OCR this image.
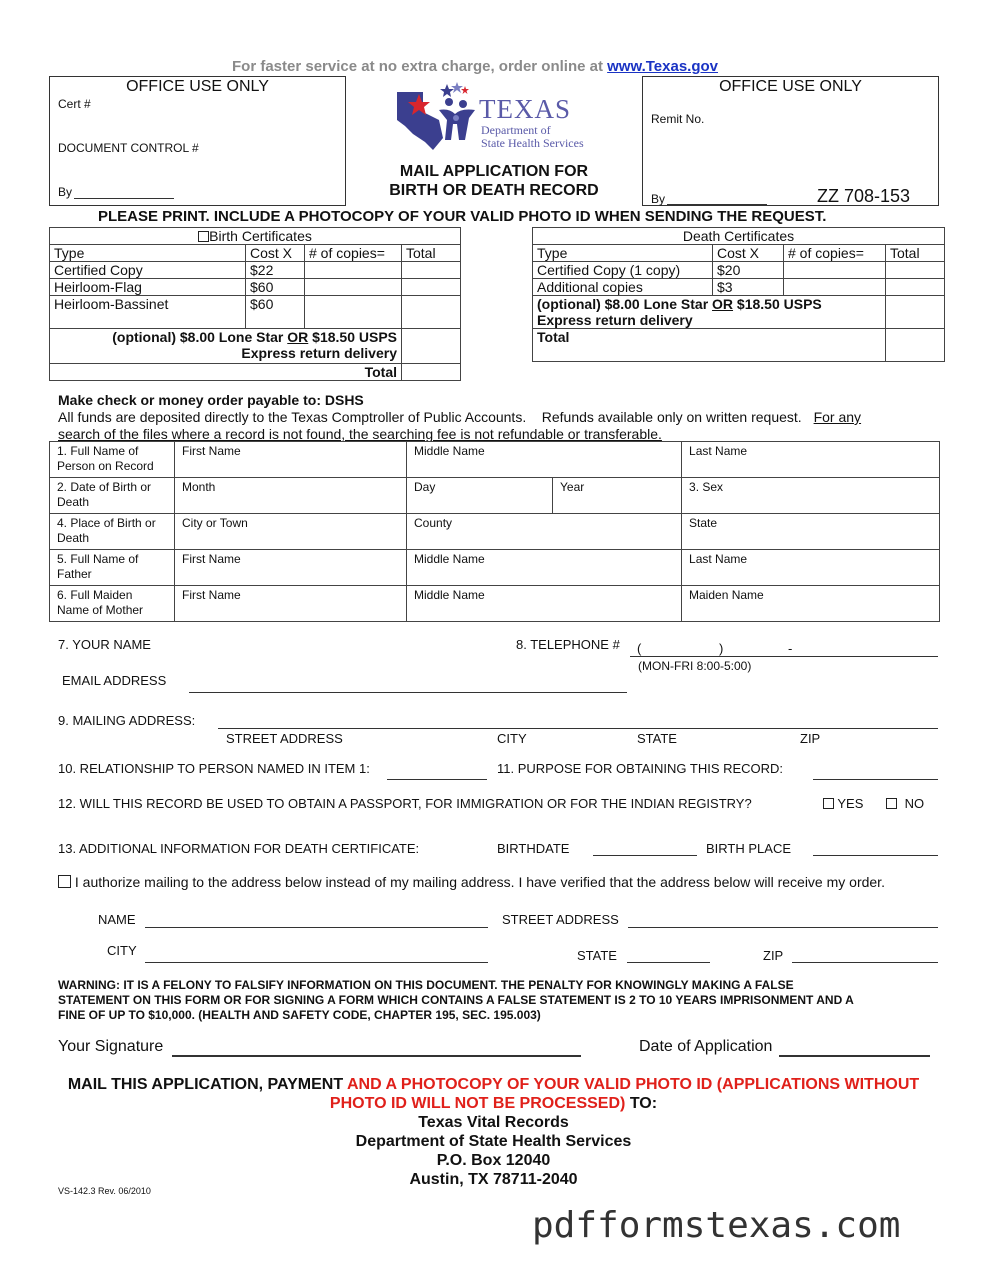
For faster service at no extra charge, order online at www.Texas.gov
OFFICE USE ONLY
Cert #
DOCUMENT CONTROL #
By
TEXAS
Department of
State Health Services
MAIL APPLICATION FOR
BIRTH OR DEATH RECORD
OFFICE USE ONLY
Remit No.
By	ZZ 708-153
PLEASE PRINT. INCLUDE A PHOTOCOPY OF YOUR VALID PHOTO ID WHEN SENDING THE REQUEST.
Birth Certificates			
Type	Cost X	# of copies=	Total
Certified Copy	$22		
Heirloom-Flag	$60		
Heirloom-Bassinet	$60		

(optional) $8.00 Lone Star OR $18.50 USPS
Express return delivery			

Total			
Death Certificates			
Type	Cost X	# of copies=	Total
Certified Copy (1 copy)	$20		
Additional copies	$3		

(optional) $8.00 Lone Star OR $18.50 USPS
Express return delivery			

Total			
Make check or money order payable to: DSHS
All funds are deposited directly to the Texas Comptroller of Public Accounts.    Refunds available only on written request. For any
search of the files where a record is not found, the searching fee is not refundable or transferable.
1. Full Name of Person on Record	First Name	Middle Name		Last Name
2. Date of Birth or Death	Month	Day	Year	3. Sex
4. Place of Birth or Death	City or Town	County		State
5. Full Name of Father	First Name	Middle Name		Last Name
6. Full Maiden Name of Mother	First Name	Middle Name		Maiden Name
7. YOUR NAME	8. TELEPHONE # (	)	-
(MON-FRI 8:00-5:00)
EMAIL ADDRESS
9. MAILING ADDRESS:
STREET ADDRESS	CITY	STATE	ZIP
10. RELATIONSHIP TO PERSON NAMED IN ITEM 1:	11. PURPOSE FOR OBTAINING THIS RECORD:
12. WILL THIS RECORD BE USED TO OBTAIN A PASSPORT, FOR IMMIGRATION OR FOR THE INDIAN REGISTRY?	YES	NO
13. ADDITIONAL INFORMATION FOR DEATH CERTIFICATE:	BIRTHDATE	BIRTH PLACE
I authorize mailing to the address below instead of my mailing address. I have verified that the address below will receive my order.
NAME	STREET ADDRESS
CITY	STATE	ZIP
WARNING: IT IS A FELONY TO FALSIFY INFORMATION ON THIS DOCUMENT. THE PENALTY FOR KNOWINGLY MAKING A FALSE
STATEMENT ON THIS FORM OR FOR SIGNING A FORM WHICH CONTAINS A FALSE STATEMENT IS 2 TO 10 YEARS IMPRISONMENT AND A
FINE OF UP TO $10,000. (HEALTH AND SAFETY CODE, CHAPTER 195, SEC. 195.003)
Your Signature	Date of Application
MAIL THIS APPLICATION, PAYMENT AND A PHOTOCOPY OF YOUR VALID PHOTO ID (APPLICATIONS WITHOUT
PHOTO ID WILL NOT BE PROCESSED) TO:
Texas Vital Records
Department of State Health Services
P.O. Box 12040
Austin, TX 78711-2040
VS-142.3 Rev. 06/2010
pdfformstexas.com
